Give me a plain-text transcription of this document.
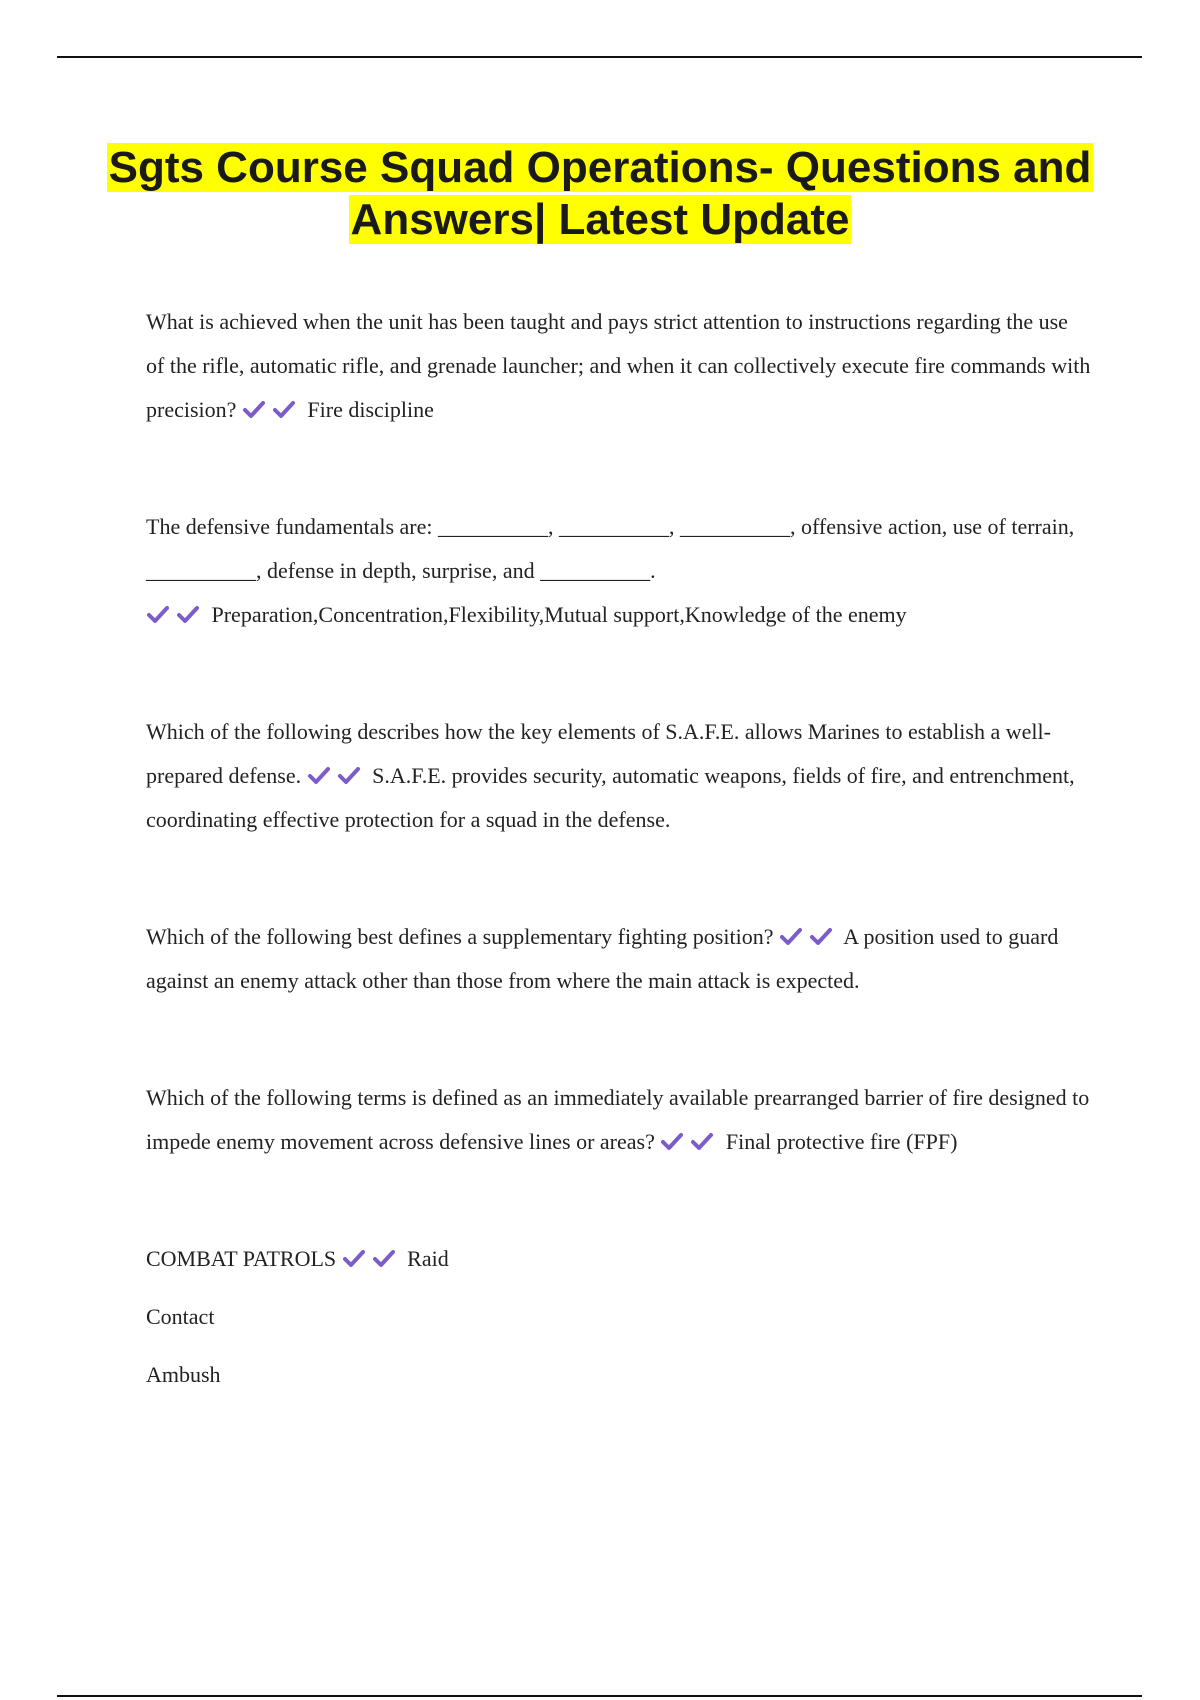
Sgts Course Squad Operations- Questions and Answers| Latest Update

What is achieved when the unit has been taught and pays strict attention to instructions regarding the use of the rifle, automatic rifle, and grenade launcher; and when it can collectively execute fire commands with precision?	Fire discipline

The defensive fundamentals are: __________, __________, __________, offensive action, use of terrain, __________, defense in depth, surprise, and __________.

Preparation,Concentration,Flexibility,Mutual support,Knowledge of the enemy

Which of the following describes how the key elements of S.A.F.E. allows Marines to establish a well- prepared defense.	S.A.F.E. provides security, automatic weapons, fields of fire, and entrenchment, coordinating effective protection for a squad in the defense.

Which of the following best defines a supplementary fighting position?	A position used to guard against an enemy attack other than those from where the main attack is expected.

Which of the following terms is defined as an immediately available prearranged barrier of fire designed to impede enemy movement across defensive lines or areas?	Final protective fire (FPF)

COMBAT PATROLS	Raid

Contact

Ambush
